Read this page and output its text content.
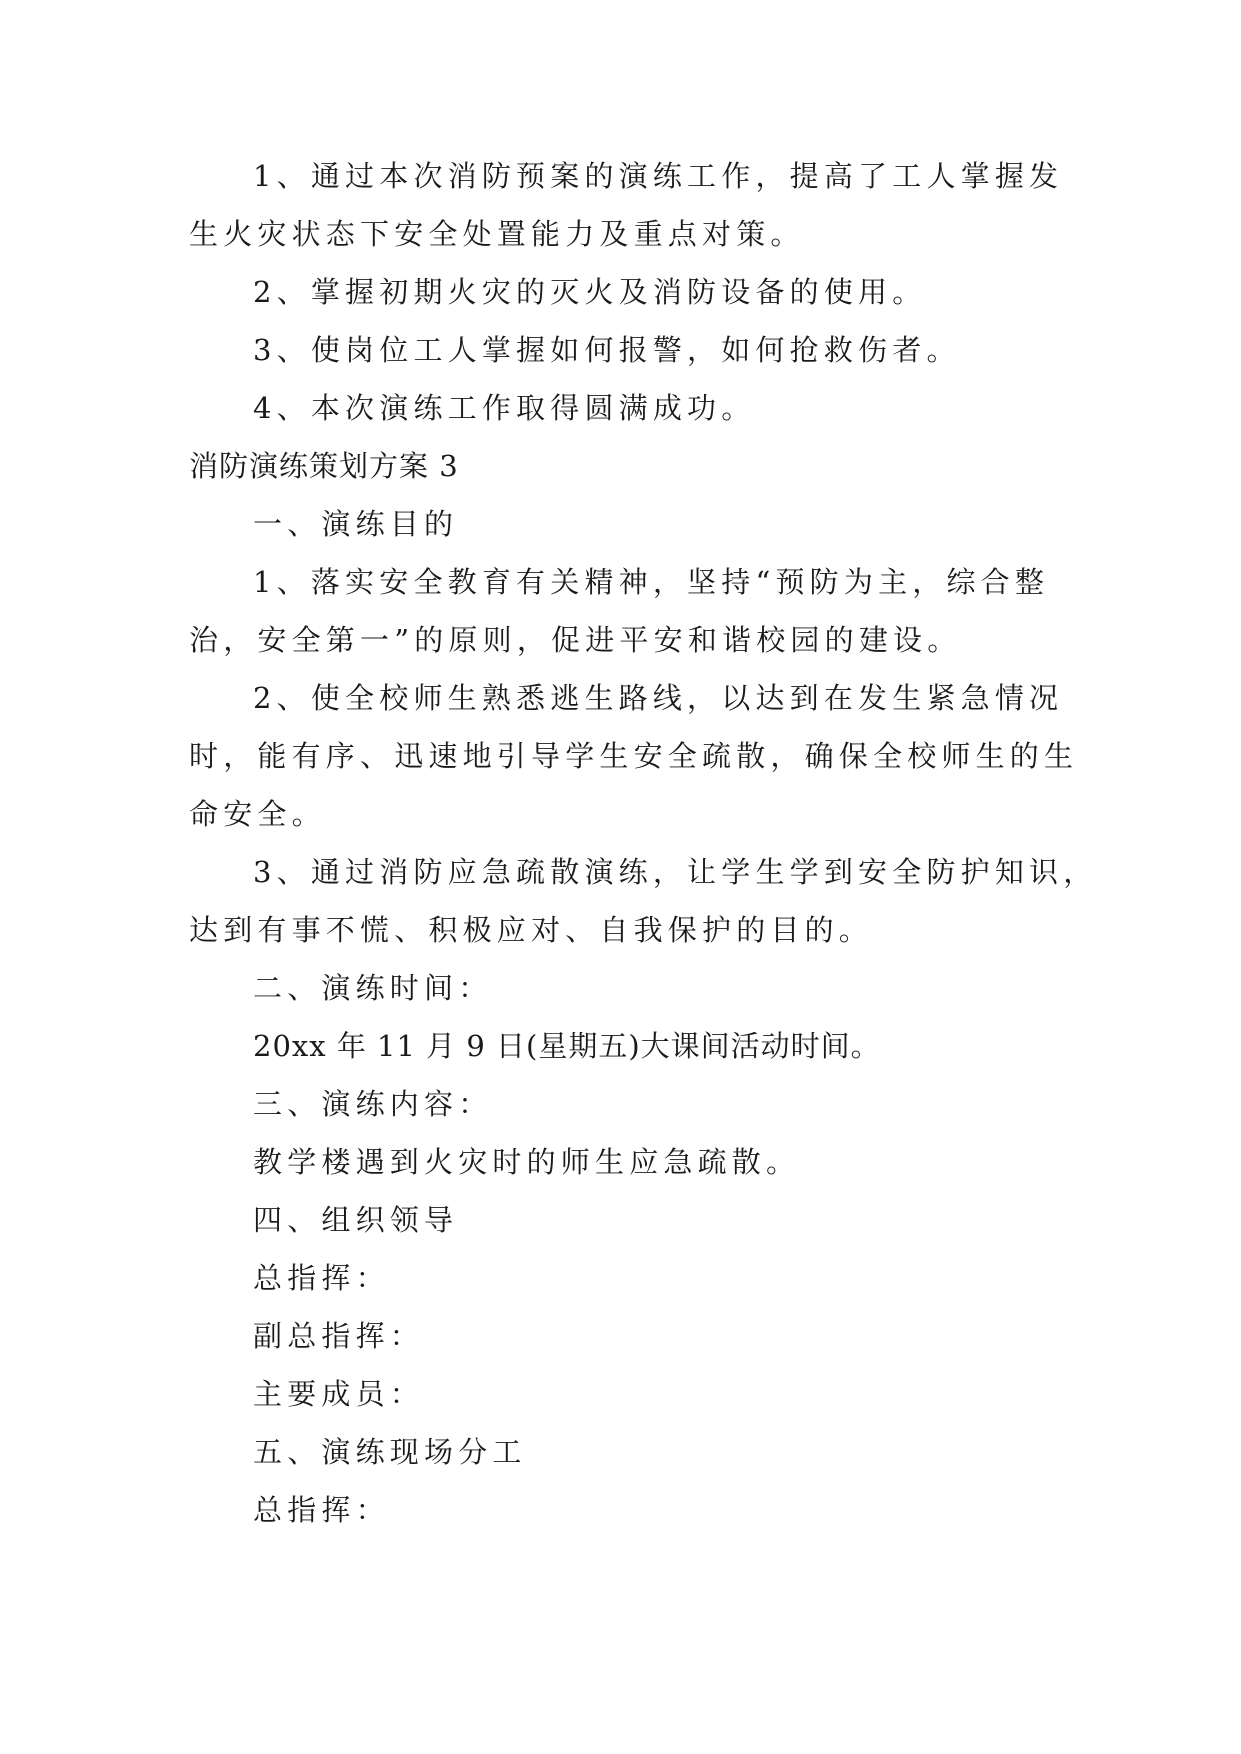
1、通过本次消防预案的演练工作，提高了工人掌握发
生火灾状态下安全处置能力及重点对策。
2、掌握初期火灾的灭火及消防设备的使用。
3、使岗位工人掌握如何报警，如何抢救伤者。
4、本次演练工作取得圆满成功。
消防演练策划方案 3
一、演练目的
1、落实安全教育有关精神，坚持“预防为主，综合整
治，安全第一”的原则，促进平安和谐校园的建设。
2、使全校师生熟悉逃生路线，以达到在发生紧急情况
时，能有序、迅速地引导学生安全疏散，确保全校师生的生
命安全。
3、通过消防应急疏散演练，让学生学到安全防护知识，
达到有事不慌、积极应对、自我保护的目的。
二、演练时间：
20xx 年 11 月 9 日(星期五)大课间活动时间。
三、演练内容：
教学楼遇到火灾时的师生应急疏散。
四、组织领导
总指挥：
副总指挥：
主要成员：
五、演练现场分工
总指挥：
